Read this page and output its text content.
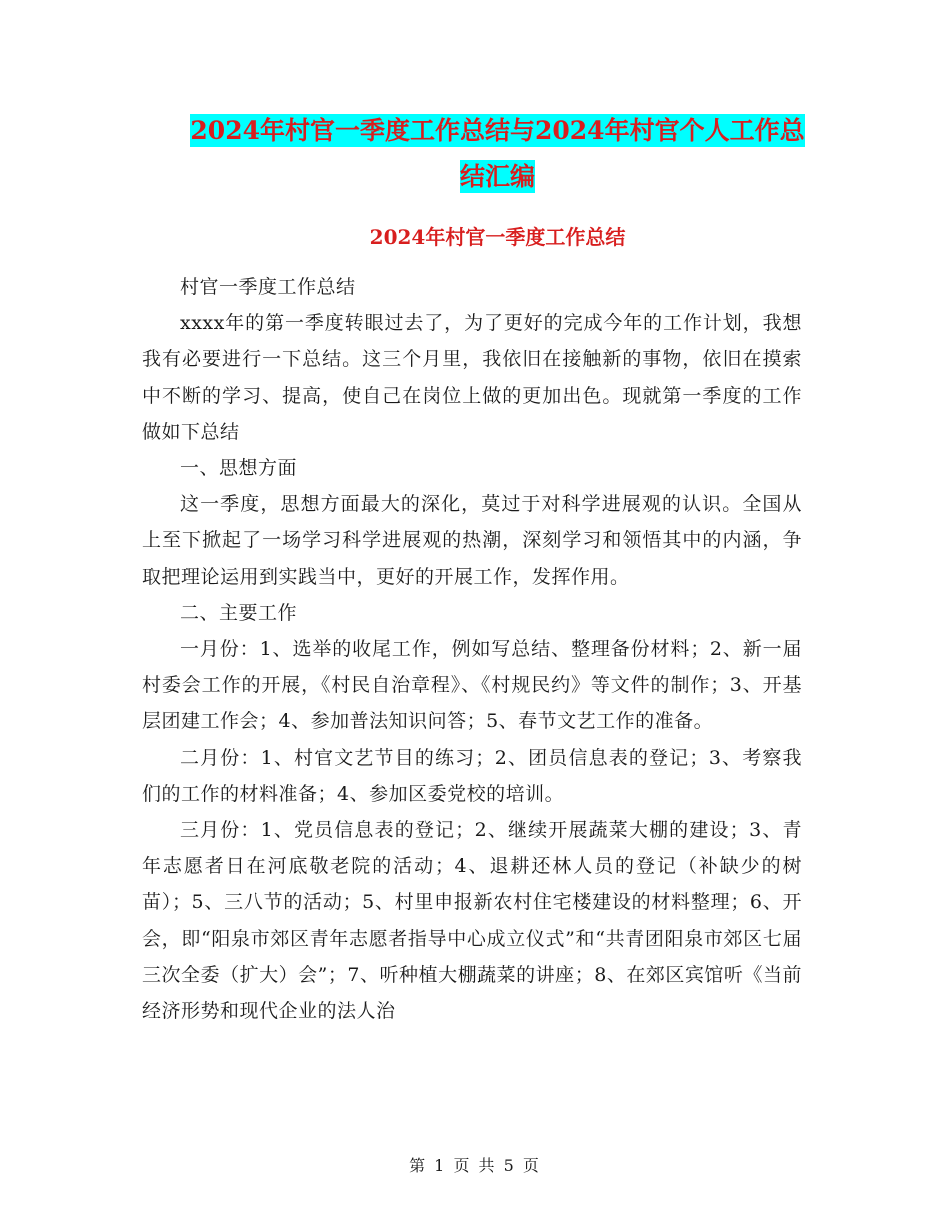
2024年村官一季度工作总结与2024年村官个人工作总
结汇编
2024年村官一季度工作总结

村官一季度工作总结

xxxx年的第一季度转眼过去了，为了更好的完成今年的工作计划，我想我有必要进行一下总结。这三个月里，我依旧在接触新的事物，依旧在摸索中不断的学习、提高，使自己在岗位上做的更加出色。现就第一季度的工作做如下总结

一、思想方面

这一季度，思想方面最大的深化，莫过于对科学进展观的认识。全国从上至下掀起了一场学习科学进展观的热潮，深刻学习和领悟其中的内涵，争取把理论运用到实践当中，更好的开展工作，发挥作用。

二、主要工作

一月份：1、选举的收尾工作，例如写总结、整理备份材料；2、新一届村委会工作的开展，《村民自治章程》、《村规民约》等文件的制作；3、开基层团建工作会；4、参加普法知识问答；5、春节文艺工作的准备。

二月份：1、村官文艺节目的练习；2、团员信息表的登记；3、考察我们的工作的材料准备；4、参加区委党校的培训。

三月份：1、党员信息表的登记；2、继续开展蔬菜大棚的建设；3、青年志愿者日在河底敬老院的活动；4、退耕还林人员的登记（补缺少的树苗）；5、三八节的活动；5、村里申报新农村住宅楼建设的材料整理；6、开会，即“阳泉市郊区青年志愿者指导中心成立仪式”和“共青团阳泉市郊区七届三次全委（扩大）会”；7、听种植大棚蔬菜的讲座；8、在郊区宾馆听《当前经济形势和现代企业的法人治

第 1 页 共 5 页
